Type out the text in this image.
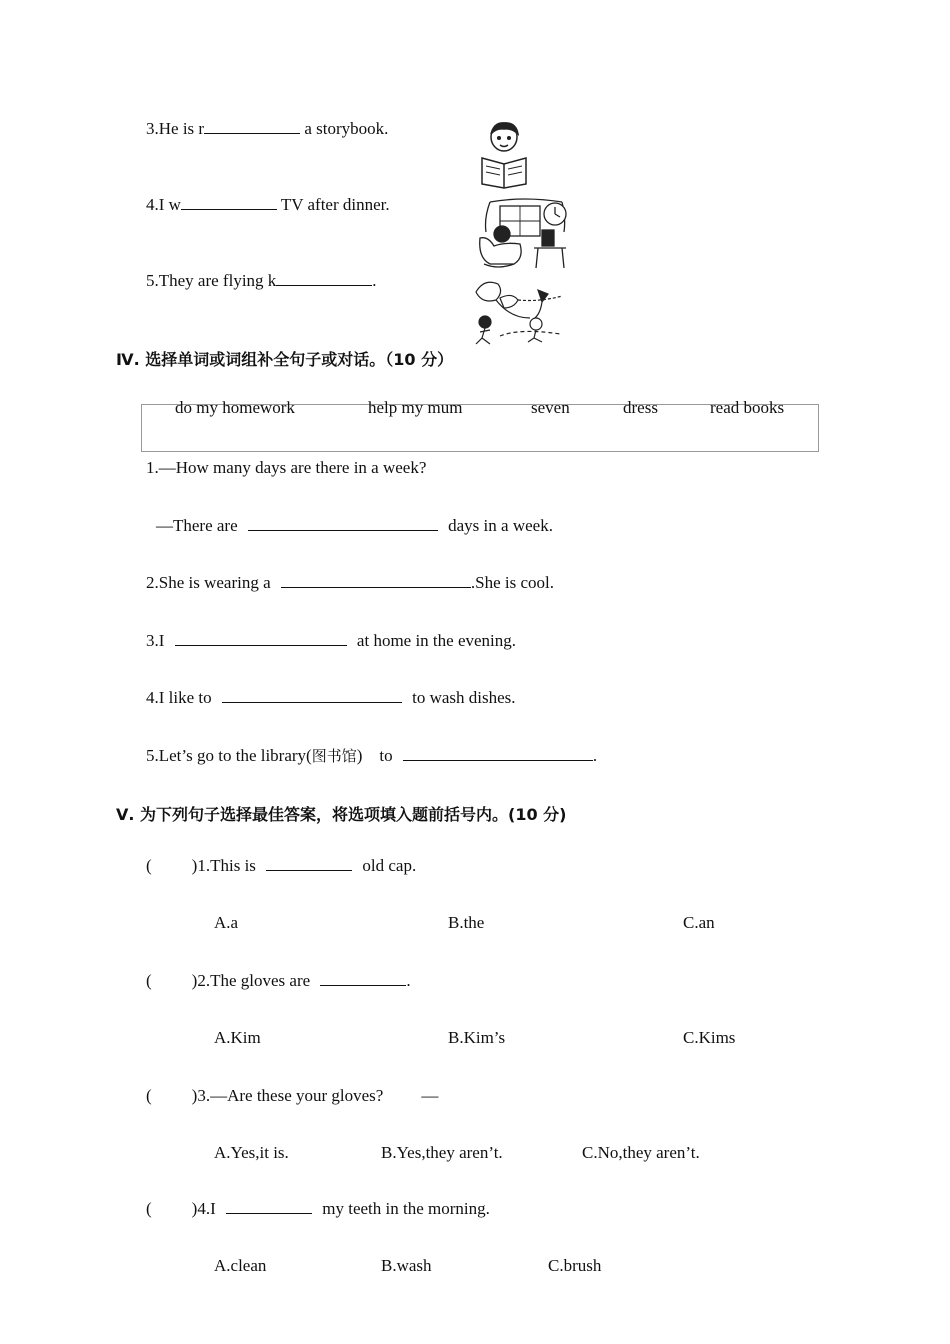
3.He is r	a storybook.
4.I w	TV after dinner.
5.They are flying k	.
Ⅳ. 选择单词或词组补全句子或对话。（10 分）
do my homework	help my mum	seven	dress	read books
1.—How many days are there in a week?
—There are	days in a week.
2.She is wearing a	.She is cool.
3.I	at home in the evening.
4.I like to	to wash dishes.
5.Let’s go to the library(图书馆)    to	.
Ⅴ. 为下列句子选择最佳答案，将选项填入题前括号内。(10 分)
( )1.This is	old cap.
A.a	B.the	C.an
( )2.The gloves are	.
A.Kim	B.Kim’s	C.Kims
( )3.—Are these your gloves? —
A.Yes,it is.	B.Yes,they aren’t.	C.No,they aren’t.
( )4.I	my teeth in the morning.
A.clean	B.wash	C.brush
